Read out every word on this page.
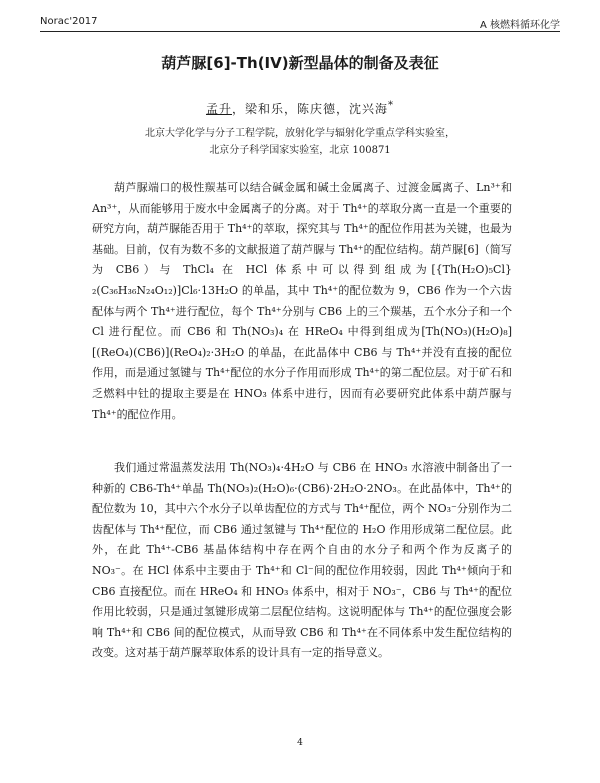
Norac'2017	A 核燃料循环化学
葫芦脲[6]-Th(IV)新型晶体的制备及表征
孟升，梁和乐，陈庆德，沈兴海*
北京大学化学与分子工程学院，放射化学与辐射化学重点学科实验室，
北京分子科学国家实验室，北京 100871

葫芦脲端口的极性羰基可以结合碱金属和碱土金属离子、过渡金属离子、Ln³⁺和 An³⁺，从而能够用于废水中金属离子的分离。对于 Th⁴⁺的萃取分离一直是一个重要的研究方向，葫芦脲能否用于 Th⁴⁺的萃取，探究其与 Th⁴⁺的配位作用甚为关键，也最为基础。目前，仅有为数不多的文献报道了葫芦脲与 Th⁴⁺的配位结构。葫芦脲[6]（简写为 CB6）与 ThCl₄ 在 HCl 体系中可以得到组成为[{Th(H₂O)₅Cl}₂(C₃₆H₃₆N₂₄O₁₂)]Cl₆·13H₂O 的单晶，其中 Th⁴⁺的配位数为 9，CB6 作为一个六齿配体与两个 Th⁴⁺进行配位，每个 Th⁴⁺分别与 CB6 上的三个羰基，五个水分子和一个 Cl 进行配位。而 CB6 和 Th(NO₃)₄ 在 HReO₄ 中得到组成为[Th(NO₃)(H₂O)₈][(ReO₄)(CB6)](ReO₄)₂·3H₂O 的单晶，在此晶体中 CB6 与 Th⁴⁺并没有直接的配位作用，而是通过氢键与 Th⁴⁺配位的水分子作用而形成 Th⁴⁺的第二配位层。对于矿石和乏燃料中钍的提取主要是在 HNO₃ 体系中进行，因而有必要研究此体系中葫芦脲与 Th⁴⁺的配位作用。

我们通过常温蒸发法用 Th(NO₃)₄·4H₂O 与 CB6 在 HNO₃ 水溶液中制备出了一种新的 CB6-Th⁴⁺单晶 Th(NO₃)₂(H₂O)₆·(CB6)·2H₂O·2NO₃。在此晶体中，Th⁴⁺的配位数为 10，其中六个水分子以单齿配位的方式与 Th⁴⁺配位，两个 NO₃⁻分别作为二齿配体与 Th⁴⁺配位，而 CB6 通过氢键与 Th⁴⁺配位的 H₂O 作用形成第二配位层。此外，在此 Th⁴⁺-CB6 基晶体结构中存在两个自由的水分子和两个作为反离子的 NO₃⁻。在 HCl 体系中主要由于 Th⁴⁺和 Cl⁻间的配位作用较弱，因此 Th⁴⁺倾向于和 CB6 直接配位。而在 HReO₄ 和 HNO₃ 体系中，相对于 NO₃⁻，CB6 与 Th⁴⁺的配位作用比较弱，只是通过氢键形成第二层配位结构。这说明配体与 Th⁴⁺的配位强度会影响 Th⁴⁺和 CB6 间的配位模式，从而导致 CB6 和 Th⁴⁺在不同体系中发生配位结构的改变。这对基于葫芦脲萃取体系的设计具有一定的指导意义。

4
